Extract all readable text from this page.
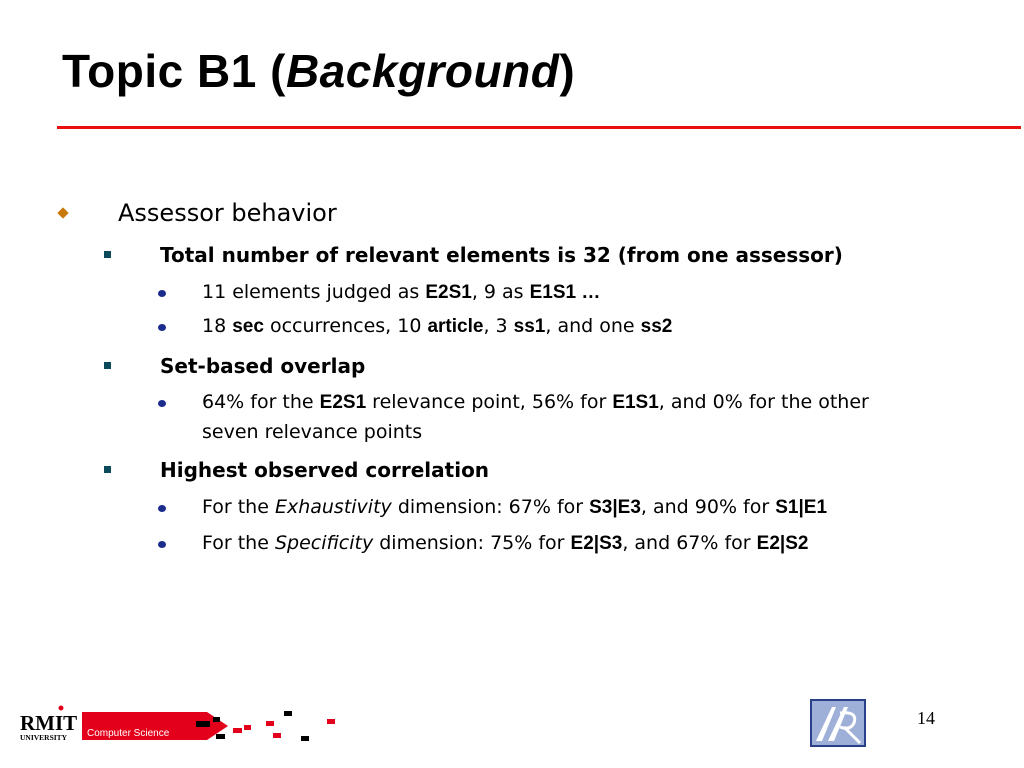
Topic B1 (Background)
Assessor behavior
Total number of relevant elements is 32 (from one assessor)
11 elements judged as E2S1, 9 as E1S1 …
18 sec occurrences, 10 article, 3 ss1, and one ss2
Set-based overlap
64% for the E2S1 relevance point, 56% for E1S1, and 0% for the other
seven relevance points
Highest observed correlation
For the Exhaustivity dimension: 67% for S3|E3, and 90% for S1|E1
For the Specificity dimension: 75% for E2|S3, and 67% for E2|S2
RMIT
UNIVERSITY Computer Science
14
